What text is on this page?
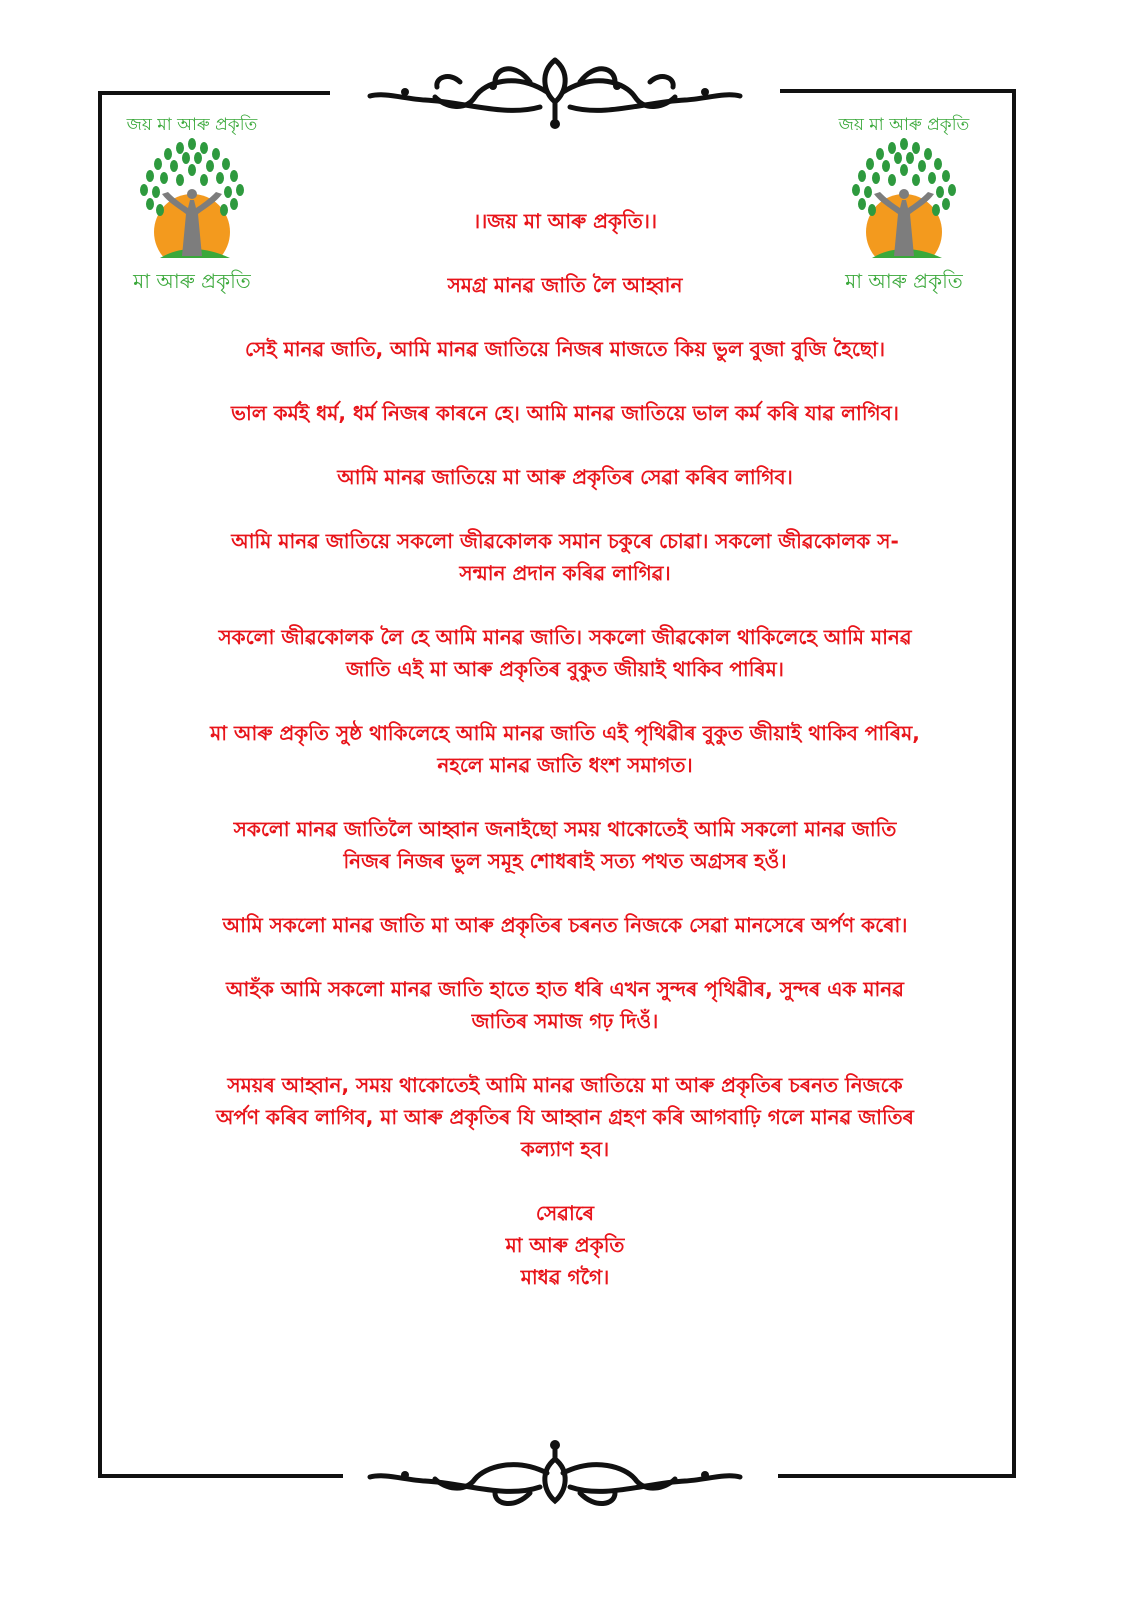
জয় মা আৰু প্ৰকৃতি
মা আৰু প্ৰকৃতি
জয় মা আৰু প্ৰকৃতি
মা আৰু প্ৰকৃতি

।।জয় মা আৰু প্ৰকৃতি।।

সমগ্ৰ মানৱ জাতি লৈ আহ্বান

সেই মানৱ জাতি, আমি মানৱ জাতিয়ে নিজৰ মাজতে কিয় ভুল বুজা বুজি হৈছো।

ভাল কৰ্মই ধৰ্ম, ধৰ্ম নিজৰ কাৰনে হে। আমি মানৱ জাতিয়ে ভাল কৰ্ম কৰি যাৱ লাগিব।

আমি মানৱ জাতিয়ে মা আৰু প্ৰকৃতিৰ সেৱা কৰিব লাগিব।

আমি মানৱ জাতিয়ে সকলো জীৱকোলক সমান চকুৰে চোৱা। সকলো জীৱকোলক স- সন্মান প্ৰদান কৰিৱ লাগিৱ।

সকলো জীৱকোলক লৈ হে আমি মানৱ জাতি। সকলো জীৱকোল থাকিলেহে আমি মানৱ জাতি এই মা আৰু প্ৰকৃতিৰ বুকুত জীয়াই থাকিব পাৰিম।

মা আৰু প্ৰকৃতি সুষ্ঠ থাকিলেহে আমি মানৱ জাতি এই পৃথিৱীৰ বুকুত জীয়াই থাকিব পাৰিম, নহলে মানৱ জাতি ধংশ সমাগত।

সকলো মানৱ জাতিলৈ আহ্বান জনাইছো সময় থাকোতেই আমি সকলো মানৱ জাতি নিজৰ নিজৰ ভুল সমূহ শোধৰাই সত্য পথত অগ্ৰসৰ হওঁ।

আমি সকলো মানৱ জাতি মা আৰু প্ৰকৃতিৰ চৰনত নিজকে সেৱা মানসেৰে অৰ্পণ কৰো।

আহঁক আমি সকলো মানৱ জাতি হাতে হাত ধৰি এখন সুন্দৰ পৃথিৱীৰ, সুন্দৰ এক মানৱ জাতিৰ সমাজ গঢ় দিওঁ।

সময়ৰ আহ্বান, সময় থাকোতেই আমি মানৱ জাতিয়ে মা আৰু প্ৰকৃতিৰ চৰনত নিজকে অৰ্পণ কৰিব লাগিব, মা আৰু প্ৰকৃতিৰ যি আহ্বান গ্ৰহণ কৰি আগবাঢ়ি গলে মানৱ জাতিৰ কল্যাণ হব।

সেৱাৰে

মা আৰু প্ৰকৃতি

মাধৱ গগৈ।
